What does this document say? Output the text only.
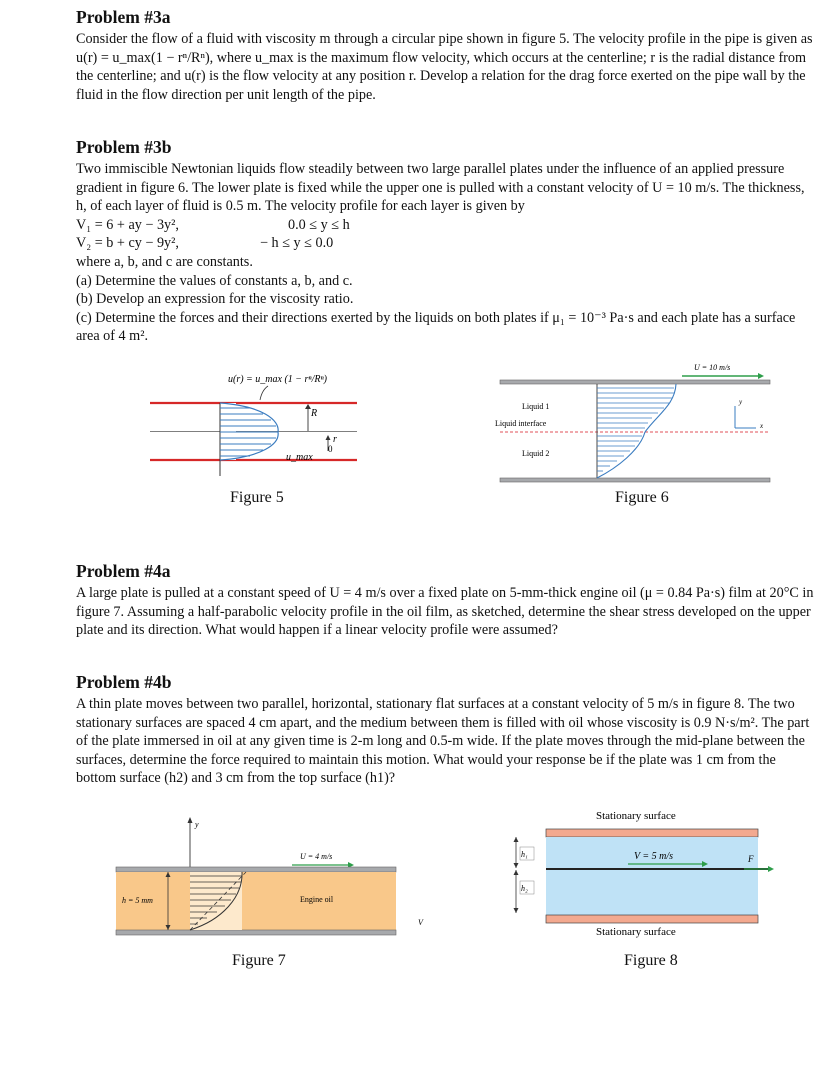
Problem #3a

Consider the flow of a fluid with viscosity m through a circular pipe shown in figure 5. The velocity profile in the pipe is given as u(r) = u_max(1 − rⁿ/Rⁿ), where u_max is the maximum flow velocity, which occurs at the centerline; r is the radial distance from the centerline; and u(r) is the flow velocity at any position r. Develop a relation for the drag force exerted on the pipe wall by the fluid in the flow direction per unit length of the pipe.

Problem #3b

Two immiscible Newtonian liquids flow steadily between two large parallel plates under the influence of an applied pressure gradient in figure 6. The lower plate is fixed while the upper one is pulled with a constant velocity of U = 10 m/s. The thickness, h, of each layer of fluid is 0.5 m. The velocity profile for each layer is given by

V₁ = 6 + ay − 3y²,	0.0 ≤ y ≤ h
V₂ = b + cy − 9y²,	− h ≤ y ≤ 0.0

where a, b, and c are constants.

(a) Determine the values of constants a, b, and c.

(b) Develop an expression for the viscosity ratio.

(c) Determine the forces and their directions exerted by the liquids on both plates if μ₁ = 10⁻³ Pa·s and each plate has a surface area of 4 m².

u(r) = u_max (1 − rⁿ/Rⁿ)
R
r
u_max
0
Figure 5
U = 10 m/s
Liquid 1
Liquid interface
Liquid 2
y
x
Figure 6
Problem #4a

A large plate is pulled at a constant speed of U = 4 m/s over a fixed plate on 5-mm-thick engine oil (μ = 0.84 Pa·s) film at 20°C in figure 7. Assuming a half-parabolic velocity profile in the oil film, as sketched, determine the shear stress developed on the upper plate and its direction. What would happen if a linear velocity profile were assumed?

Problem #4b

A thin plate moves between two parallel, horizontal, stationary flat surfaces at a constant velocity of 5 m/s in figure 8. The two stationary surfaces are spaced 4 cm apart, and the medium between them is filled with oil whose viscosity is 0.9 N·s/m². The part of the plate immersed in oil at any given time is 2-m long and 0.5-m wide. If the plate moves through the mid-plane between the surfaces, determine the force required to maintain this motion. What would your response be if the plate was 1 cm from the bottom surface (h2) and 3 cm from the top surface (h1)?

y
U = 4 m/s
h = 5 mm	Engine oil
V
Figure 7
Stationary surface
V = 5 m/s	F
h₁
h₂
Stationary surface
Figure 8
